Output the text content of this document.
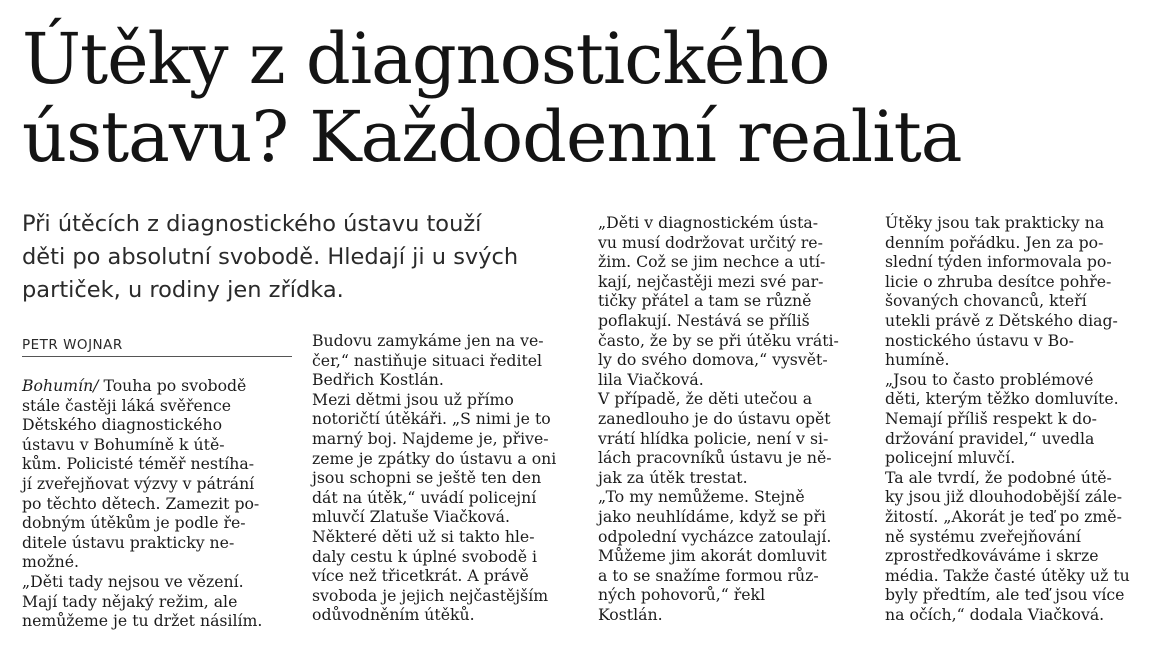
Útěky z diagnostického
ústavu? Každodenní realita
Při útěcích z diagnostického ústavu touží
děti po absolutní svobodě. Hledají ji u svých
partiček, u rodiny jen zřídka.
PETR WOJNAR
Bohumín/ Touha po svobodě
stále častěji láká svěřence
Dětského diagnostického
ústavu v Bohumíně k útě-
kům. Policisté téměř nestíha-
jí zveřejňovat výzvy v pátrání
po těchto dětech. Zamezit po-
dobným útěkům je podle ře-
ditele ústavu prakticky ne-
možné.
„Děti tady nejsou ve vězení.
Mají tady nějaký režim, ale
nemůžeme je tu držet násilím.
Budovu zamykáme jen na ve-
čer,“ nastiňuje situaci ředitel
Bedřich Kostlán.
Mezi dětmi jsou už přímo
notoričtí útěkáři. „S nimi je to
marný boj. Najdeme je, přive-
zeme je zpátky do ústavu a oni
jsou schopni se ještě ten den
dát na útěk,“ uvádí policejní
mluvčí Zlatuše Viačková.
Některé děti už si takto hle-
daly cestu k úplné svobodě i
více než třicetkrát. A právě
svoboda je jejich nejčastějším
odůvodněním útěků.
„Děti v diagnostickém ústa-
vu musí dodržovat určitý re-
žim. Což se jim nechce a utí-
kají, nejčastěji mezi své par-
tičky přátel a tam se různě
poflakují. Nestává se příliš
často, že by se při útěku vráti-
ly do svého domova,“ vysvět-
lila Viačková.
V případě, že děti utečou a
zanedlouho je do ústavu opět
vrátí hlídka policie, není v si-
lách pracovníků ústavu je ně-
jak za útěk trestat.
„To my nemůžeme. Stejně
jako neuhlídáme, když se při
odpolední vycházce zatoulají.
Můžeme jim akorát domluvit
a to se snažíme formou růz-
ných pohovorů,“ řekl
Kostlán.
Útěky jsou tak prakticky na
denním pořádku. Jen za po-
slední týden informovala po-
licie o zhruba desítce pohře-
šovaných chovanců, kteří
utekli právě z Dětského diag-
nostického ústavu v Bo-
humíně.
„Jsou to často problémové
děti, kterým těžko domluvíte.
Nemají příliš respekt k do-
držování pravidel,“ uvedla
policejní mluvčí.
Ta ale tvrdí, že podobné útě-
ky jsou již dlouhodobější zále-
žitostí. „Akorát je teď po změ-
ně systému zveřejňování
zprostředkováváme i skrze
média. Takže časté útěky už tu
byly předtím, ale teď jsou více
na očích,“ dodala Viačková.
